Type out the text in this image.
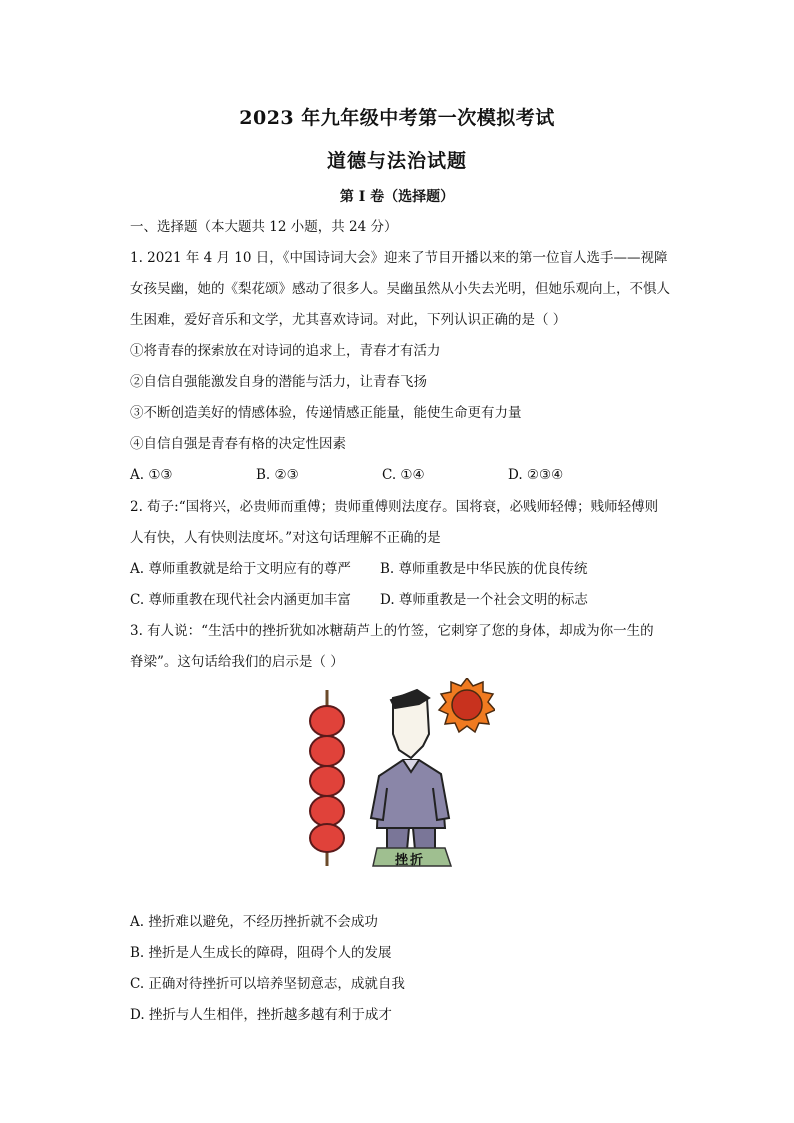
2023 年九年级中考第一次模拟考试
道德与法治试题
第 I 卷（选择题）
一、选择题（本大题共 12 小题，共 24 分）
1. 2021 年 4 月 10 日，《中国诗词大会》迎来了节目开播以来的第一位盲人选手——视障
女孩吴幽，她的《梨花颂》感动了很多人。吴幽虽然从小失去光明，但她乐观向上，不惧人
生困难，爱好音乐和文学，尤其喜欢诗词。对此，下列认识正确的是（ ）
①将青春的探索放在对诗词的追求上，青春才有活力
②自信自强能激发自身的潜能与活力，让青春飞扬
③不断创造美好的情感体验，传递情感正能量，能使生命更有力量
④自信自强是青春有格的决定性因素
A. ①③	B. ②③	C. ①④	D. ②③④
2. 荀子:“国将兴，必贵师而重傅；贵师重傅则法度存。国将衰，必贱师轻傅；贱师轻傅则
人有快，人有快则法度坏。”对这句话理解不正确的是
A. 尊师重教就是给于文明应有的尊严 B. 尊师重教是中华民族的优良传统
C. 尊师重教在现代社会内涵更加丰富 D. 尊师重教是一个社会文明的标志
3. 有人说：“生活中的挫折犹如冰糖葫芦上的竹签，它刺穿了您的身体，却成为你一生的
脊梁”。这句话给我们的启示是（ ）
挫折
A. 挫折难以避免，不经历挫折就不会成功
B. 挫折是人生成长的障碍，阻碍个人的发展
C. 正确对待挫折可以培养坚韧意志，成就自我
D. 挫折与人生相伴，挫折越多越有利于成才
